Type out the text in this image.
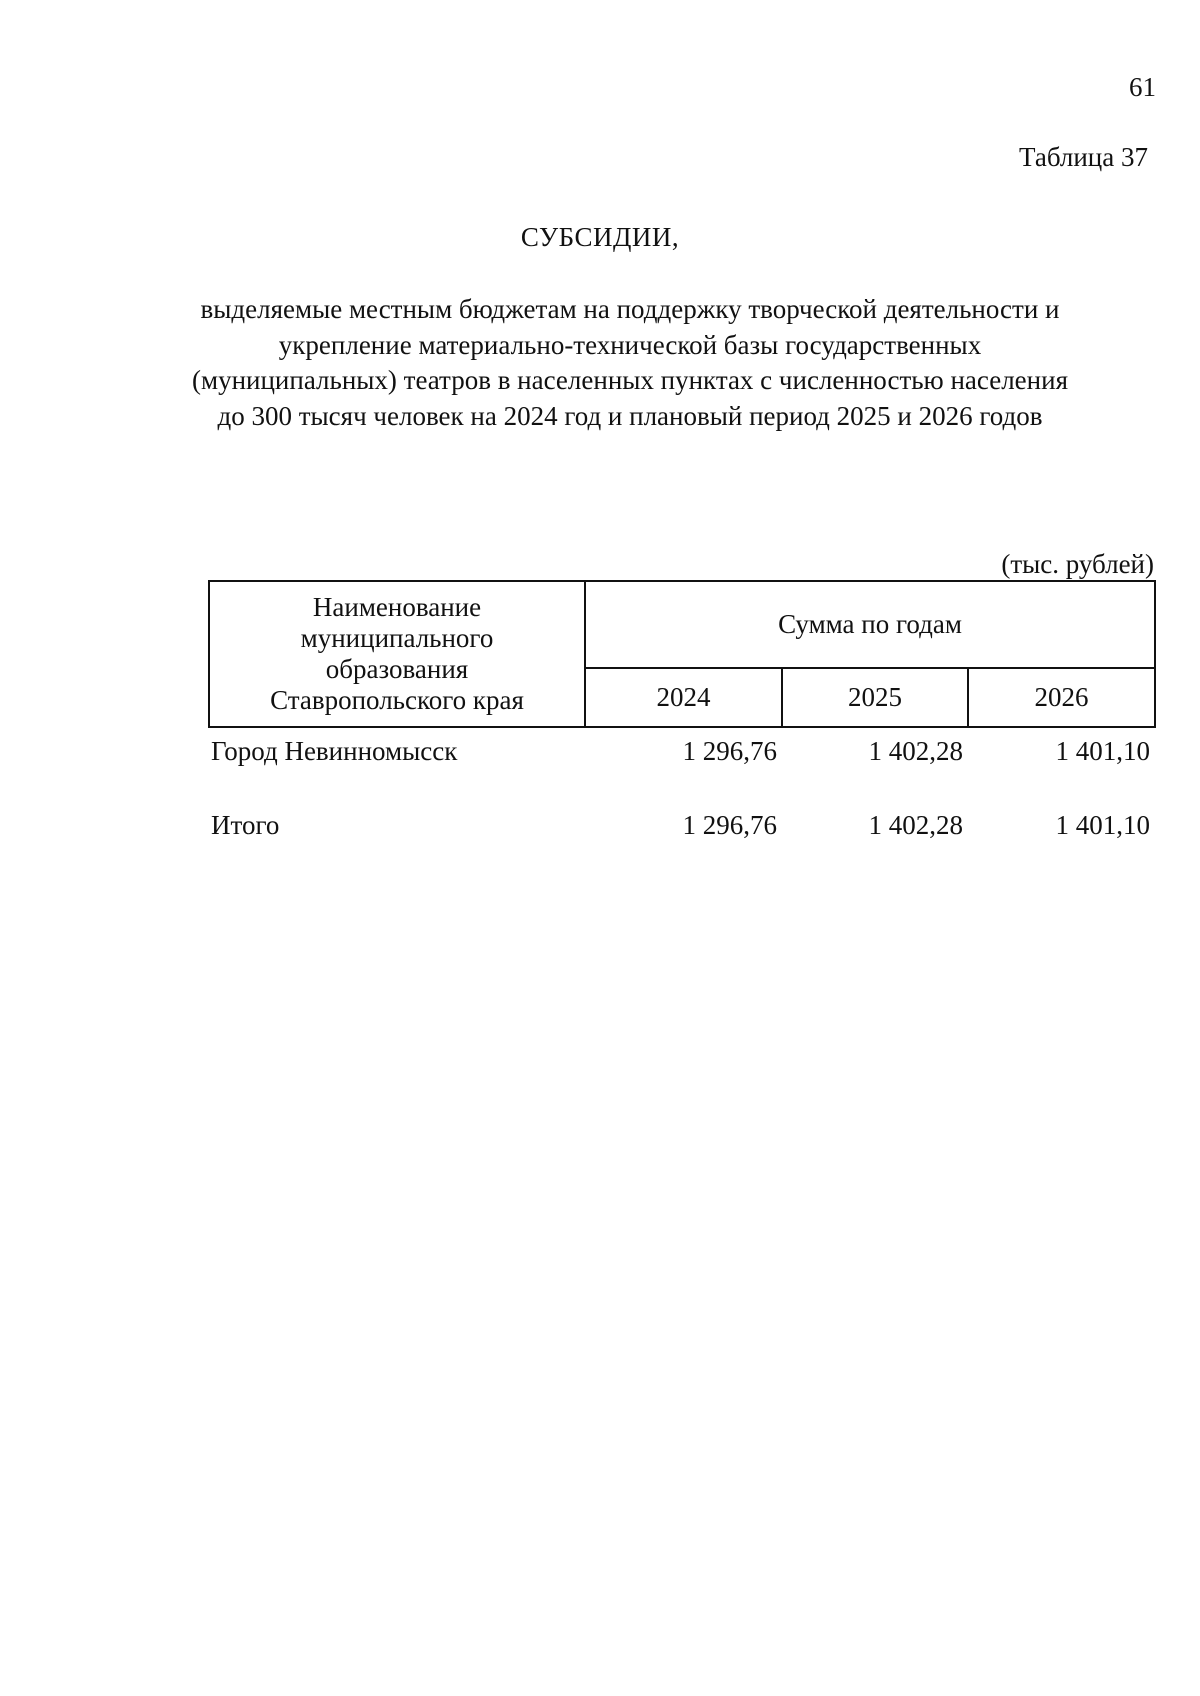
61
Таблица 37
СУБСИДИИ,

выделяемые местным бюджетам на поддержку творческой деятельности и
укрепление материально-технической базы государственных
(муниципальных) театров в населенных пунктах с численностью населения
до 300 тысяч человек на 2024 год и плановый период 2025 и 2026 годов

(тыс. рублей)
Наименование
муниципального
образования
Ставропольского края	Сумма по годам		
	2024	2025	2026
Город Невинномысск	1 296,76	1 402,28	1 401,10
Итого	1 296,76	1 402,28	1 401,10
